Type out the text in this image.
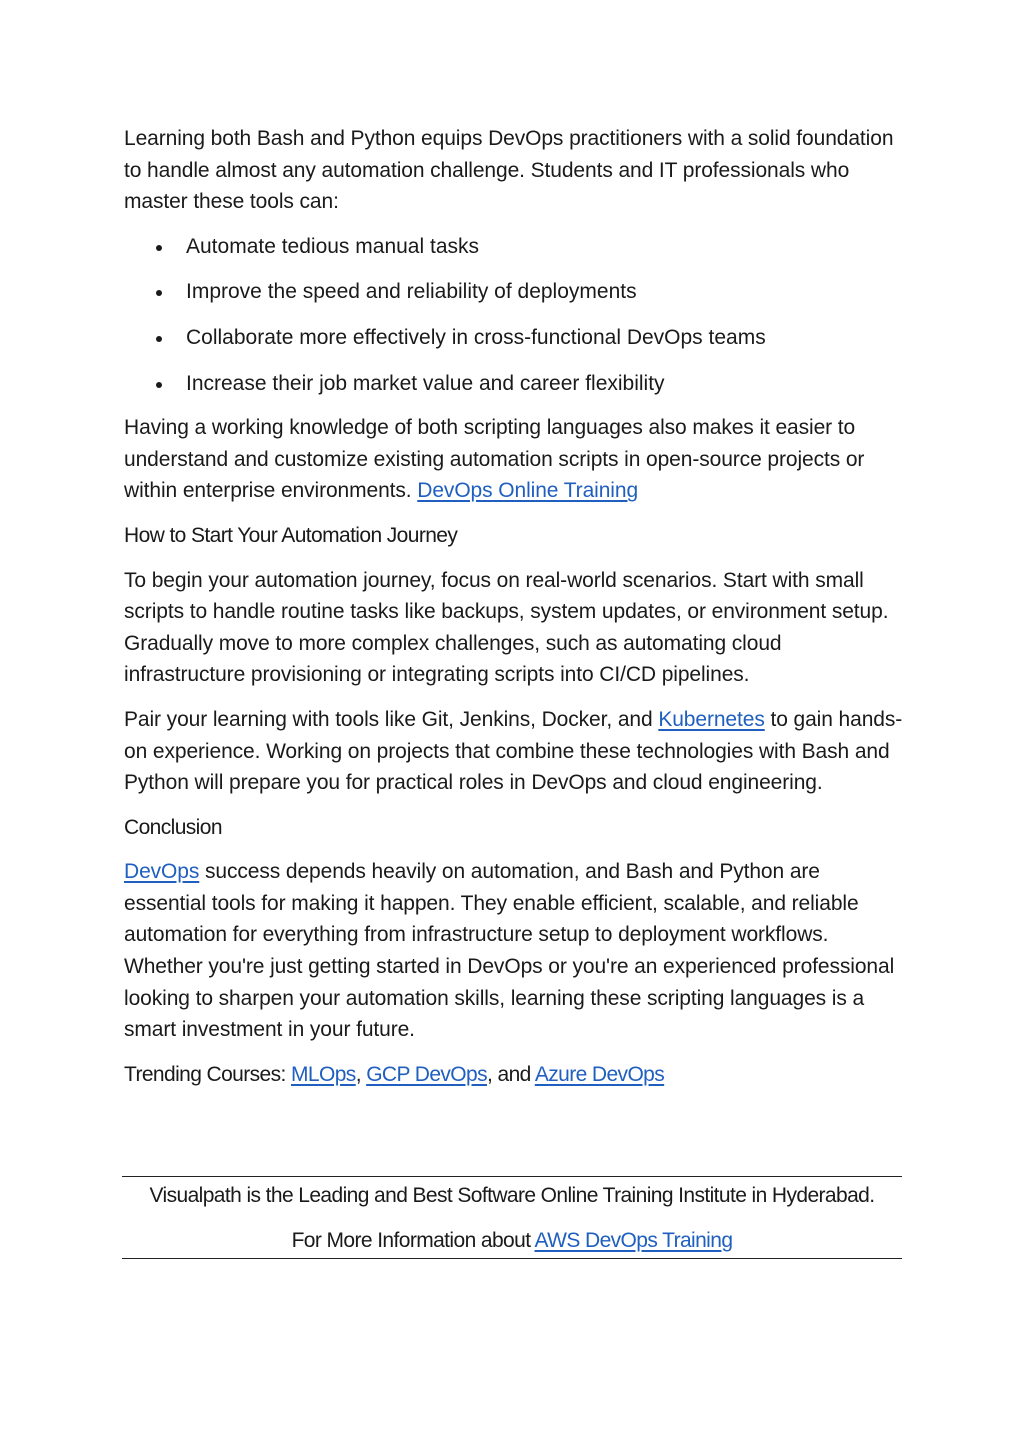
Learning both Bash and Python equips DevOps practitioners with a solid foundation to handle almost any automation challenge. Students and IT professionals who master these tools can:

Automate tedious manual tasks
Improve the speed and reliability of deployments
Collaborate more effectively in cross-functional DevOps teams
Increase their job market value and career flexibility

Having a working knowledge of both scripting languages also makes it easier to understand and customize existing automation scripts in open-source projects or within enterprise environments. DevOps Online Training

How to Start Your Automation Journey

To begin your automation journey, focus on real-world scenarios. Start with small scripts to handle routine tasks like backups, system updates, or environment setup. Gradually move to more complex challenges, such as automating cloud infrastructure provisioning or integrating scripts into CI/CD pipelines.

Pair your learning with tools like Git, Jenkins, Docker, and Kubernetes to gain hands-on experience. Working on projects that combine these technologies with Bash and Python will prepare you for practical roles in DevOps and cloud engineering.

Conclusion

DevOps success depends heavily on automation, and Bash and Python are essential tools for making it happen. They enable efficient, scalable, and reliable automation for everything from infrastructure setup to deployment workflows. Whether you're just getting started in DevOps or you're an experienced professional looking to sharpen your automation skills, learning these scripting languages is a smart investment in your future.

Trending Courses: MLOps, GCP DevOps, and Azure DevOps

Visualpath is the Leading and Best Software Online Training Institute in Hyderabad.

For More Information about AWS DevOps Training
